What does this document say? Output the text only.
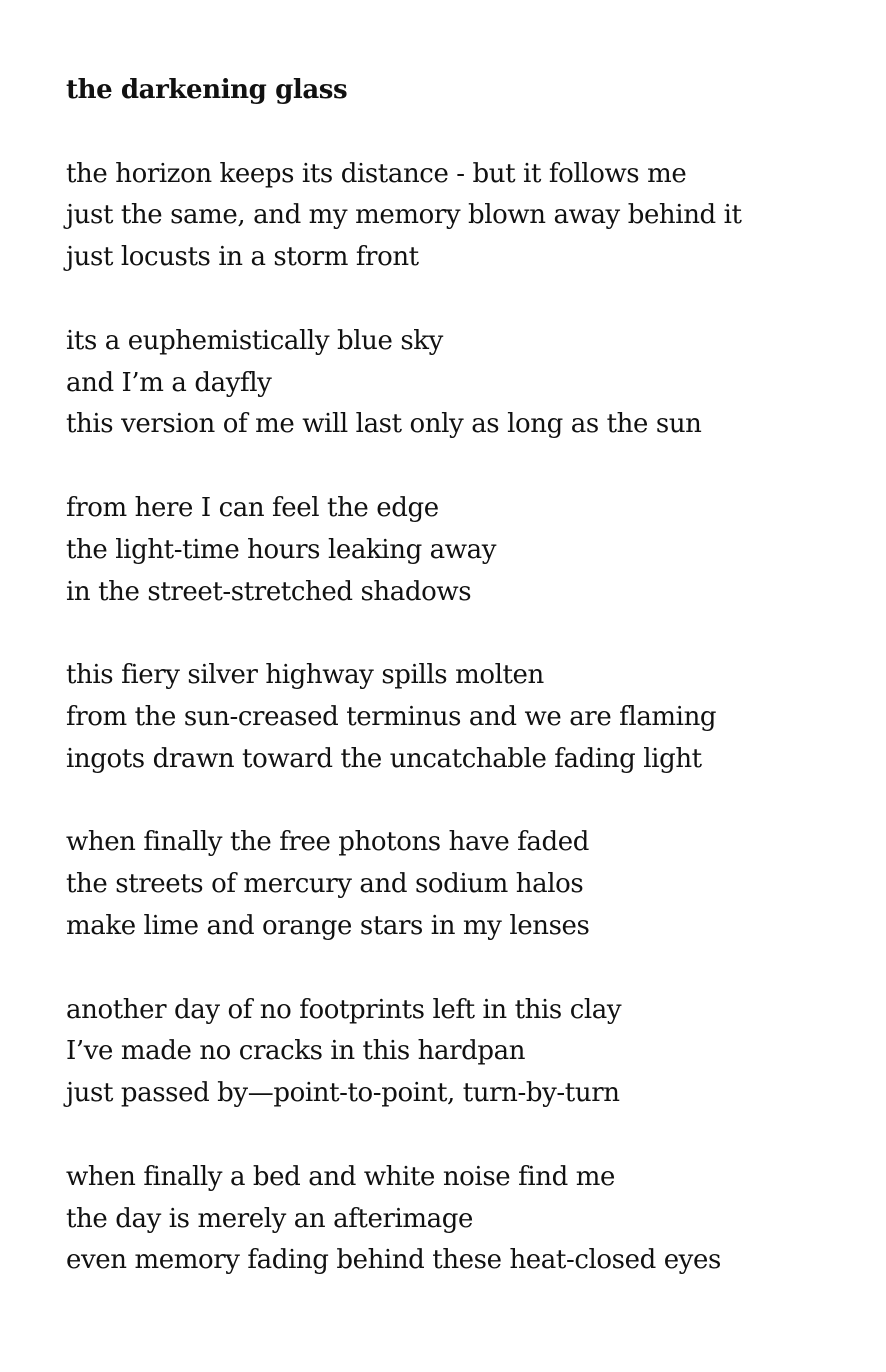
the darkening glass
the horizon keeps its distance - but it follows me
just the same, and my memory blown away behind it
just locusts in a storm front
its a euphemistically blue sky
and I’m a dayfly
this version of me will last only as long as the sun
from here I can feel the edge
the light-time hours leaking away
in the street-stretched shadows
this fiery silver highway spills molten
from the sun-creased terminus and we are flaming
ingots drawn toward the uncatchable fading light
when finally the free photons have faded
the streets of mercury and sodium halos
make lime and orange stars in my lenses
another day of no footprints left in this clay
I’ve made no cracks in this hardpan
just passed by—point-to-point, turn-by-turn
when finally a bed and white noise find me
the day is merely an afterimage
even memory fading behind these heat-closed eyes
